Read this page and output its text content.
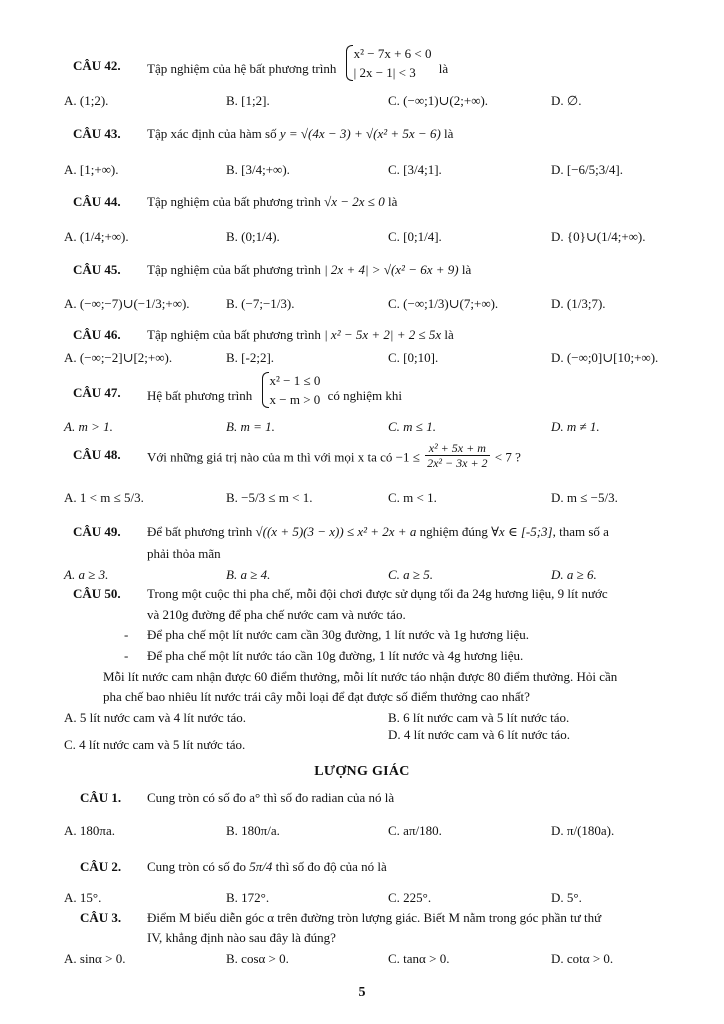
CÂU 42. Tập nghiệm của hệ bất phương trình
x² − 7x + 6 < 0
| 2x − 1| < 3	là
A. (1;2).	B. [1;2].	C. (−∞;1)∪(2;+∞).	D. ∅.
CÂU 43. Tập xác định của hàm số y = √(4x − 3) + √(x² + 5x − 6) là
A. [1;+∞).	B. [3/4;+∞).	C. [3/4;1].	D. [−6/5;3/4].
CÂU 44. Tập nghiệm của bất phương trình √x − 2x ≤ 0 là
A. (1/4;+∞).	B. (0;1/4).	C. [0;1/4].	D. {0}∪(1/4;+∞).
CÂU 45. Tập nghiệm của bất phương trình | 2x + 4| > √(x² − 6x + 9) là
A. (−∞;−7)∪(−1/3;+∞).	B. (−7;−1/3).	C. (−∞;1/3)∪(7;+∞).	D. (1/3;7).
CÂU 46. Tập nghiệm của bất phương trình | x² − 5x + 2| + 2 ≤ 5x là
A. (−∞;−2]∪[2;+∞).	B. [-2;2].	C. [0;10].	D. (−∞;0]∪[10;+∞).
CÂU 47. Hệ bất phương trình
x² − 1 ≤ 0
x − m > 0 có nghiệm khi
A. m > 1.	B. m = 1.	C. m ≤ 1.	D. m ≠ 1.
CÂU 48. Với những giá trị nào của m thì với mọi x ta có $-1 \le \frac{\text{x² + 5x + m}}{\text{2x² − 3x + 2}} < 7$ ?
A. 1 < m ≤ 5/3.	B. −5/3 ≤ m < 1.	C. m < 1.	D. m ≤ −5/3.
CÂU 49. Để bất phương trình √((x + 5)(3 − x)) ≤ x² + 2x + a nghiệm đúng ∀x ∈ [-5;3], tham số a
phải thỏa mãn
A. a ≥ 3.	B. a ≥ 4.	C. a ≥ 5.	D. a ≥ 6.
CÂU 50. Trong một cuộc thi pha chế, mỗi đội chơi được sử dụng tối đa 24g hương liệu, 9 lít nước
và 210g đường để pha chế nước cam và nước táo.
- Để pha chế một lít nước cam cần 30g đường, 1 lít nước và 1g hương liệu.
- Để pha chế một lít nước táo cần 10g đường, 1 lít nước và 4g hương liệu.
Mỗi lít nước cam nhận được 60 điểm thưởng, mỗi lít nước táo nhận được 80 điểm thưởng. Hỏi cần
pha chế bao nhiêu lít nước trái cây mỗi loại để đạt được số điểm thưởng cao nhất?
A. 5 lít nước cam và 4 lít nước táo.	B. 6 lít nước cam và 5 lít nước táo.
D. 4 lít nước cam và 6 lít nước táo.
C. 4 lít nước cam và 5 lít nước táo.
LƯỢNG GIÁC
CÂU 1. Cung tròn có số đo a° thì số đo radian của nó là
A. 180πa.	B. 180π/a.	C. aπ/180.	D. π/(180a).
CÂU 2. Cung tròn có số đo 5π/4 thì số đo độ của nó là
A. 15°.	B. 172°.	C. 225°.	D. 5°.
CÂU 3. Điểm M biểu diễn góc α trên đường tròn lượng giác. Biết M nằm trong góc phần tư thứ
IV, khẳng định nào sau đây là đúng?
A. sinα > 0.	B. cosα > 0.	C. tanα > 0.	D. cotα > 0.
5
